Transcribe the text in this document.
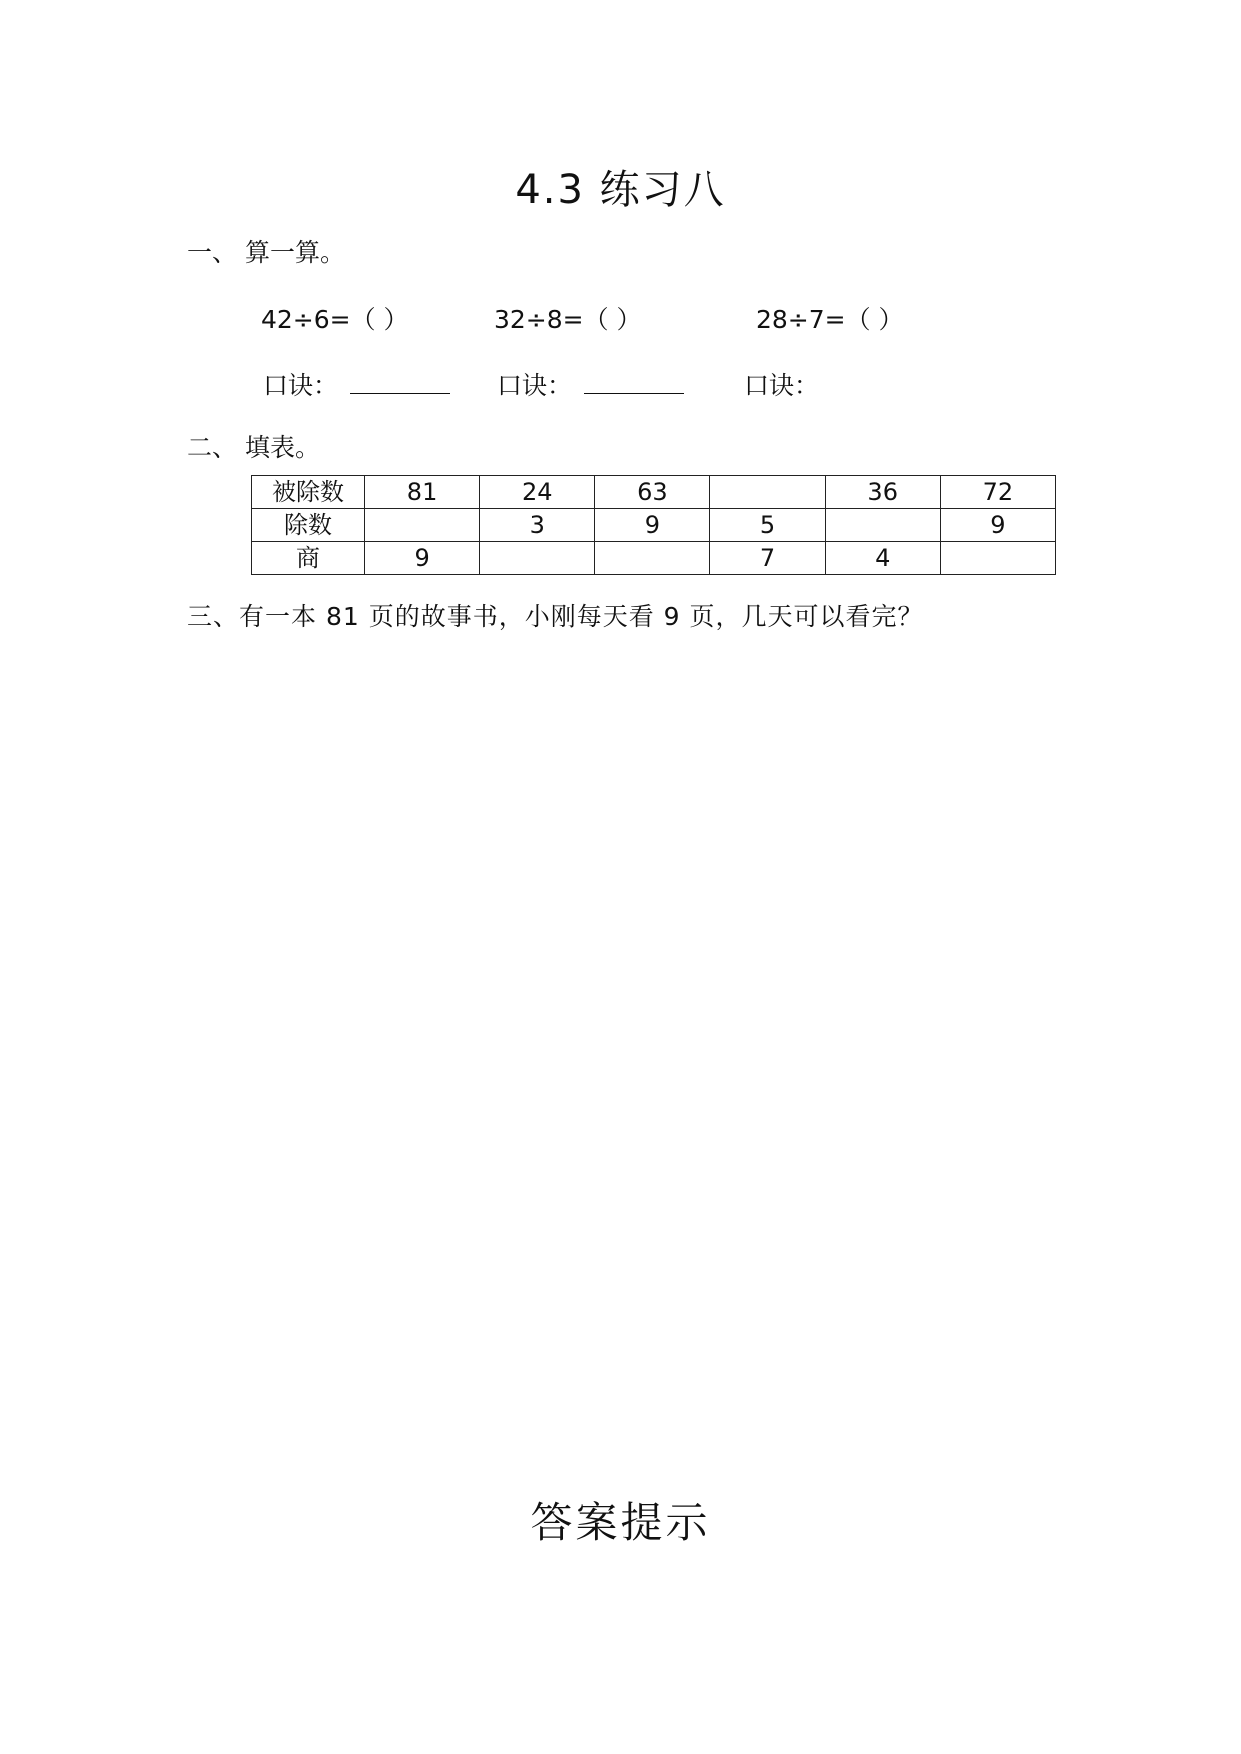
4.3 练习八
一、 算一算。
42÷6=（ ）	32÷8=（ ）	28÷7=（ ）
口诀：	口诀：	口诀：
二、 填表。
被除数	81	24	63		36	72
除数		3	9	5		9
商	9			7	4	
三、有一本 81 页的故事书，小刚每天看 9 页，几天可以看完？
答案提示
